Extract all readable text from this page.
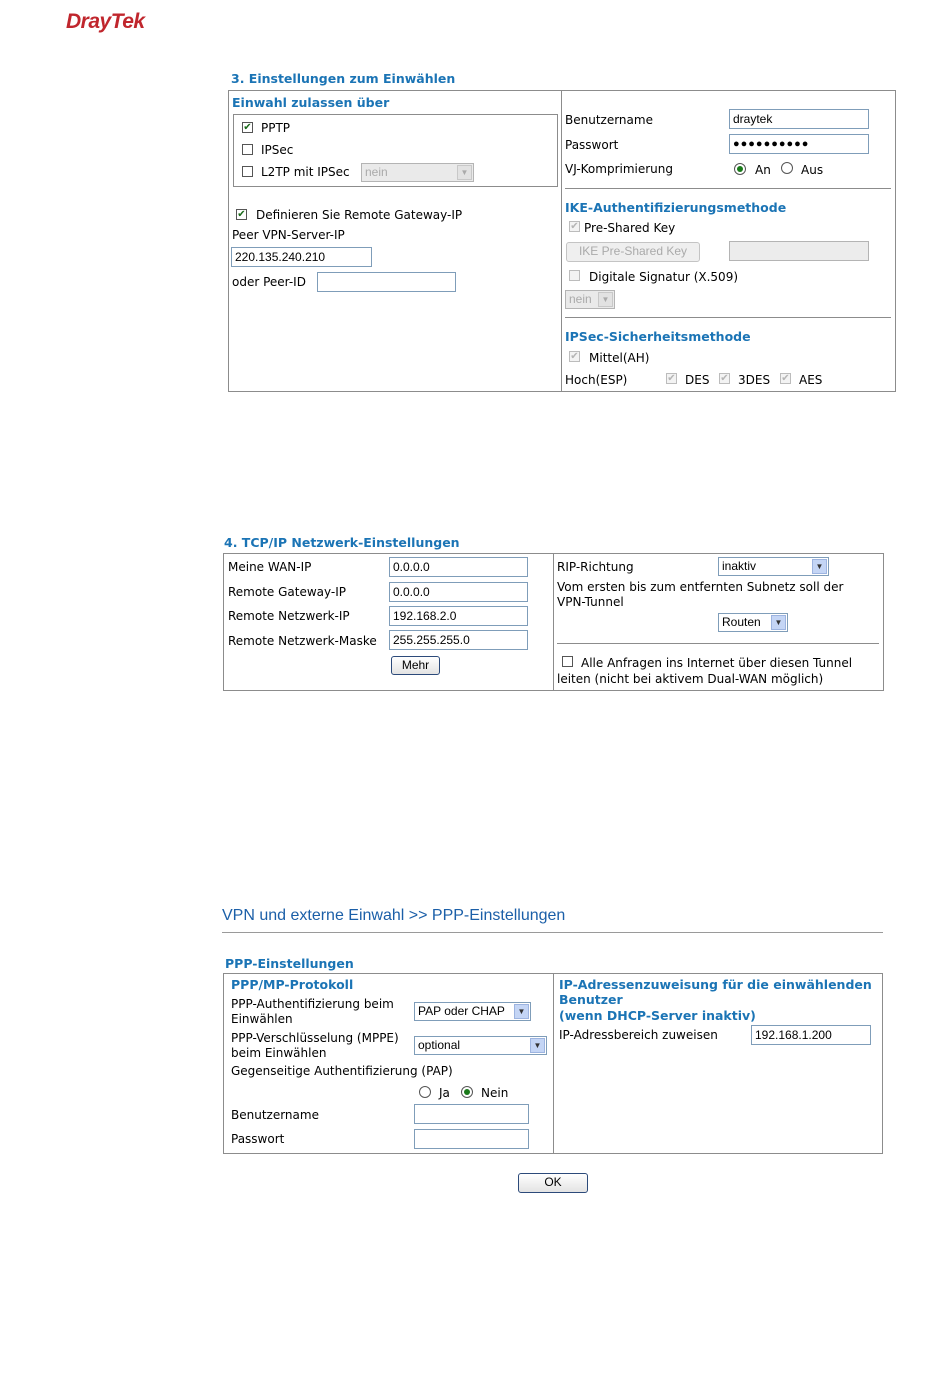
DrayTek
3. Einstellungen zum Einwählen
Einwahl zulassen über
✔ PPTP
IPSec
L2TP mit IPSec	nein	▼
✔ Definieren Sie Remote Gateway-IP
Peer VPN-Server-IP
220.135.240.210
oder Peer-ID
Benutzername	draytek
Passwort	●●●●●●●●●●
VJ-Komprimierung	An	Aus
IKE-Authentifizierungsmethode
✔ Pre-Shared Key
IKE Pre-Shared Key
Digitale Signatur (X.509)
nein	▼
IPSec-Sicherheitsmethode
✔ Mittel(AH)
Hoch(ESP)	✔ DES ✔ 3DES ✔ AES
4. TCP/IP Netzwerk-Einstellungen
Meine WAN-IP	0.0.0.0
Remote Gateway-IP	0.0.0.0
Remote Netzwerk-IP	192.168.2.0
Remote Netzwerk-Maske	255.255.255.0
Mehr
RIP-Richtung	inaktiv	▼
Vom ersten bis zum entfernten Subnetz soll der
VPN-Tunnel
Routen	▼
Alle Anfragen ins Internet über diesen Tunnel
leiten (nicht bei aktivem Dual-WAN möglich)
VPN und externe Einwahl >> PPP-Einstellungen
PPP-Einstellungen
PPP/MP-Protokoll
PPP-Authentifizierung beim
Einwählen
PAP oder CHAP	▼
PPP-Verschlüsselung (MPPE)
beim Einwählen
optional	▼
Gegenseitige Authentifizierung (PAP)
Ja	Nein
Benutzername
Passwort
IP-Adressenzuweisung für die einwählenden
Benutzer
(wenn DHCP-Server inaktiv)
IP-Adressbereich zuweisen	192.168.1.200
OK
